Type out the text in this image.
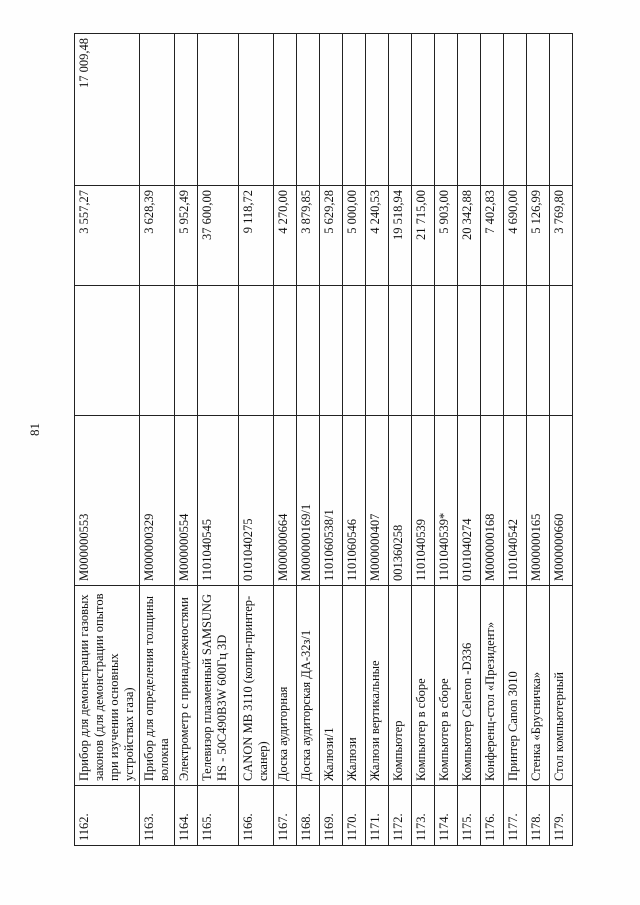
81
1162.	Прибор для демонстрации газовых законов (для демонстрации опытов при изучении основных устройствах газа)	М000000553		3 557,27	17 009,48
1163.	Прибор для определения толщины волокна	М000000329		3 628,39	
1164.	Электрометр с принадлежностями	М000000554		5 952,49	
1165.	Телевизор плазменный SAMSUNG HS - 50C490B3W 600Гц 3D	1101040545		37 600,00	
1166.	CANON MB 3110 (копир-принтер- сканер)	0101040275		9 118,72	
1167.	Доска аудиторная	М000000664		4 270,00	
1168.	Доска аудиторская ДА-32з/1	М000000169/1		3 879,85	
1169.	Жалюзи/1	1101060538/1		5 629,28	
1170.	Жалюзи	1101060546		5 000,00	
1171.	Жалюзи вертикальные	М000000407		4 240,53	
1172.	Компьютер	001360258		19 518,94	
1173.	Компьютер в сборе	1101040539		21 715,00	
1174.	Компьютер в сборе	1101040539*		5 903,00	
1175.	Компьютер Celeron -D336	0101040274		20 342,88	
1176.	Конференц-стол «Президент»	М000000168		7 402,83	
1177.	Принтер Canon 3010	1101040542		4 690,00	
1178.	Стенка «Брусничка»	М000000165		5 126,99	
1179.	Стол компьютерный	М000000660		3 769,80	
